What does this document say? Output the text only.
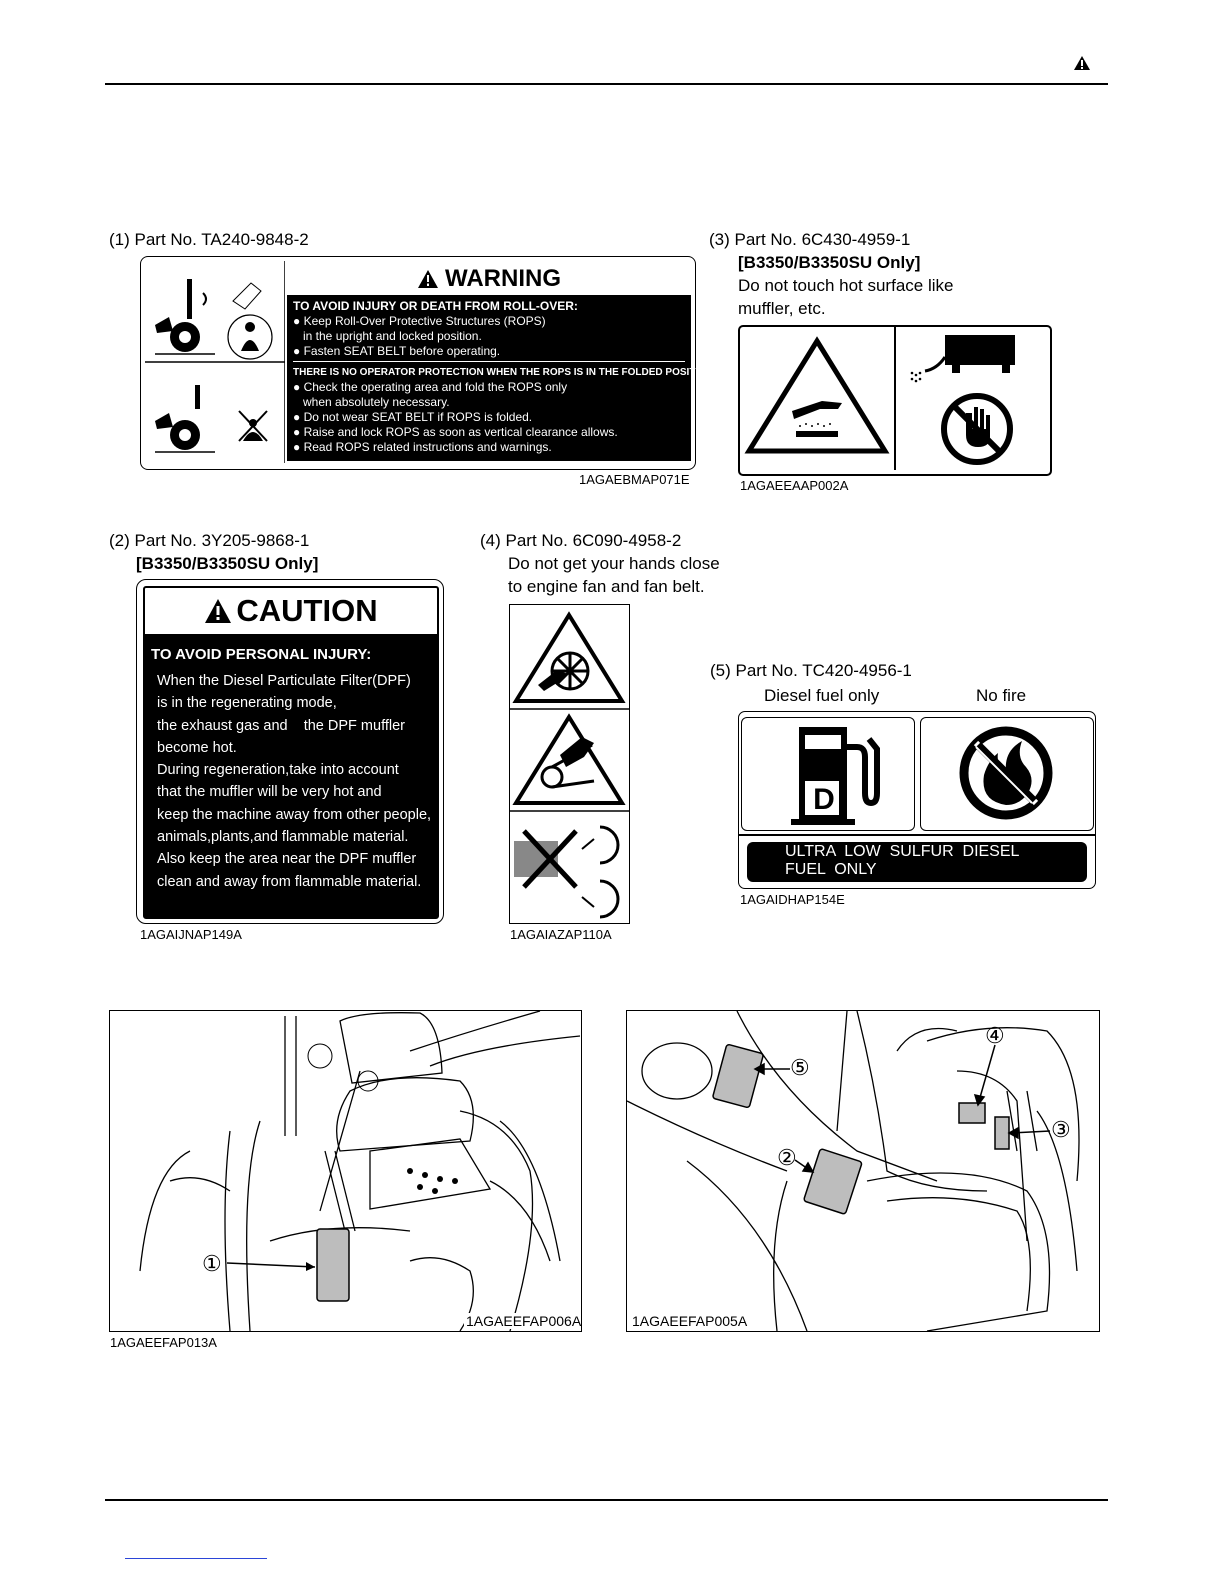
(1) Part No. TA240-9848-2
WARNING
TO AVOID INJURY OR DEATH FROM ROLL-OVER:
● Keep Roll-Over Protective Structures (ROPS)
in the upright and locked position.
● Fasten SEAT BELT before operating.
THERE IS NO OPERATOR PROTECTION WHEN THE ROPS IS IN THE FOLDED POSITION:
● Check the operating area and fold the ROPS only
when absolutely necessary.
● Do not wear SEAT BELT if ROPS is folded.
● Raise and lock ROPS as soon as vertical clearance allows.
● Read ROPS related instructions and warnings.
1AGAEBMAP071E
(3) Part No. 6C430-4959-1
[B3350/B3350SU Only]
Do not touch hot surface like
muffler, etc.
1AGAEEAAP002A
(2) Part No. 3Y205-9868-1
[B3350/B3350SU Only]
CAUTION
TO AVOID PERSONAL INJURY:
When the Diesel Particulate Filter(DPF)
is in the regenerating mode,
the exhaust gas and    the DPF muffler
become hot.
During regeneration,take into account
that the muffler will be very hot and
keep the machine away from other people,
animals,plants,and flammable material.
Also keep the area near the DPF muffler
clean and away from flammable material.
1AGAIJNAP149A
(4) Part No. 6C090-4958-2
Do not get your hands close
to engine fan and fan belt.
1AGAIAZAP110A
(5) Part No. TC420-4956-1
Diesel fuel only	No fire
D
ULTRA  LOW  SULFUR  DIESEL
FUEL  ONLY
1AGAIDHAP154E
①
1AGAEEFAP006A
1AGAEEFAP013A
⑤
②
④
③
1AGAEEFAP005A
